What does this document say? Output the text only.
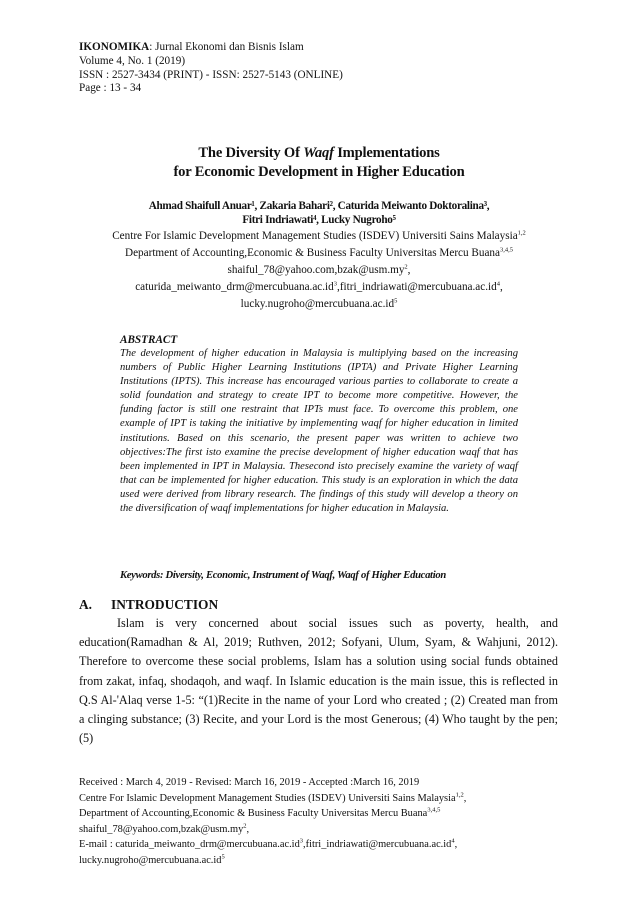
IKONOMIKA: Jurnal Ekonomi dan Bisnis Islam
Volume 4, No. 1 (2019)
ISSN : 2527-3434 (PRINT) - ISSN: 2527-5143 (ONLINE)
Page : 13 - 34
The Diversity Of Waqf Implementations
for Economic Development in Higher Education
Ahmad Shaifull Anuar¹, Zakaria Bahari², Caturida Meiwanto Doktoralina³,
Fitri Indriawati⁴, Lucky Nugroho⁵
Centre For Islamic Development Management Studies (ISDEV) Universiti Sains Malaysia$^{1,2}$
Department of Accounting,Economic & Business Faculty Universitas Mercu Buana$^{3,4,5}$
$shaiful\_78@yahoo.com,bzak@usm.my^2$,
$caturida\_meiwanto\_drm@mercubuana.ac.id^3,fitri\_indriawati@mercubuana.ac.id^4$,
$lucky.nugroho@mercubuana.ac.id^5$
ABSTRACT

The development of higher education in Malaysia is multiplying based on the increasing numbers of Public Higher Learning Institutions (IPTA) and Private Higher Learning Institutions (IPTS). This increase has encouraged various parties to collaborate to create a solid foundation and strategy to create IPT to become more competitive. However, the funding factor is still one restraint that IPTs must face. To overcome this problem, one example of IPT is taking the initiative by implementing waqf for higher education in limited institutions. Based on this scenario, the present paper was written to achieve two objectives:The first isto examine the precise development of higher education waqf that has been implemented in IPT in Malaysia. Thesecond isto precisely examine the variety of waqf that can be implemented for higher education. This study is an exploration in which the data used were derived from library research. The findings of this study will develop a theory on the diversification of waqf implementations for higher education in Malaysia.

Keywords: Diversity, Economic, Instrument of Waqf, Waqf of Higher Education
A. INTRODUCTION

Islam is very concerned about social issues such as poverty, health, and education(Ramadhan & Al, 2019; Ruthven, 2012; Sofyani, Ulum, Syam, & Wahjuni, 2012). Therefore to overcome these social problems, Islam has a solution using social funds obtained from zakat, infaq, shodaqoh, and waqf. In Islamic education is the main issue, this is reflected in Q.S Al-'Alaq verse 1-5: “(1)Recite in the name of your Lord who created ; (2) Created man from a clinging substance; (3) Recite, and your Lord is the most Generous; (4) Who taught by the pen; (5)

Received : March 4, 2019 - Revised: March 16, 2019 - Accepted :March 16, 2019
Centre For Islamic Development Management Studies (ISDEV) Universiti Sains Malaysia$^{1,2}$,
Department of Accounting,Economic & Business Faculty Universitas Mercu Buana$^{3,4,5}$
$shaiful\_78@yahoo.com,bzak@usm.my^2$,
E-mail : $caturida\_meiwanto\_drm@mercubuana.ac.id^3,fitri\_indriawati@mercubuana.ac.id^4$,
$lucky.nugroho@mercubuana.ac.id^5$
